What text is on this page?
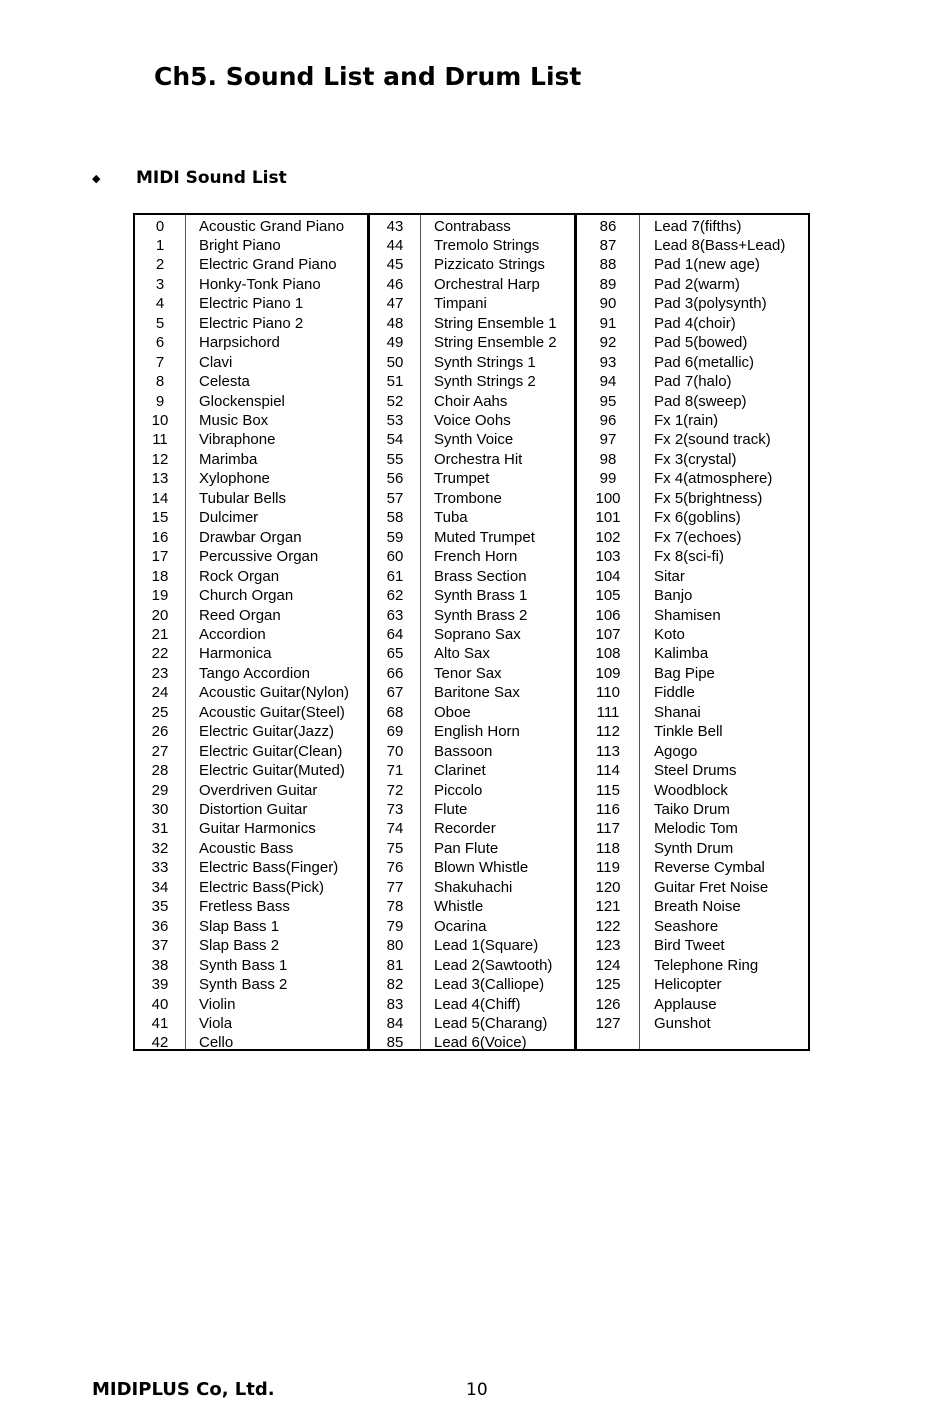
Ch5. Sound List and Drum List
◆ MIDI Sound List
0	Acoustic Grand Piano
1	Bright Piano
2	Electric Grand Piano
3	Honky-Tonk Piano
4	Electric Piano 1
5	Electric Piano 2
6	Harpsichord
7	Clavi
8	Celesta
9	Glockenspiel
10	Music Box
11	Vibraphone
12	Marimba
13	Xylophone
14	Tubular Bells
15	Dulcimer
16	Drawbar Organ
17	Percussive Organ
18	Rock Organ
19	Church Organ
20	Reed Organ
21	Accordion
22	Harmonica
23	Tango Accordion
24	Acoustic Guitar(Nylon)
25	Acoustic Guitar(Steel)
26	Electric Guitar(Jazz)
27	Electric Guitar(Clean)
28	Electric Guitar(Muted)
29	Overdriven Guitar
30	Distortion Guitar
31	Guitar Harmonics
32	Acoustic Bass
33	Electric Bass(Finger)
34	Electric Bass(Pick)
35	Fretless Bass
36	Slap Bass 1
37	Slap Bass 2
38	Synth Bass 1
39	Synth Bass 2
40	Violin
41	Viola
42	Cello
43	Contrabass
44	Tremolo Strings
45	Pizzicato Strings
46	Orchestral Harp
47	Timpani
48	String Ensemble 1
49	String Ensemble 2
50	Synth Strings 1
51	Synth Strings 2
52	Choir Aahs
53	Voice Oohs
54	Synth Voice
55	Orchestra Hit
56	Trumpet
57	Trombone
58	Tuba
59	Muted Trumpet
60	French Horn
61	Brass Section
62	Synth Brass 1
63	Synth Brass 2
64	Soprano Sax
65	Alto Sax
66	Tenor Sax
67	Baritone Sax
68	Oboe
69	English Horn
70	Bassoon
71	Clarinet
72	Piccolo
73	Flute
74	Recorder
75	Pan Flute
76	Blown Whistle
77	Shakuhachi
78	Whistle
79	Ocarina
80	Lead 1(Square)
81	Lead 2(Sawtooth)
82	Lead 3(Calliope)
83	Lead 4(Chiff)
84	Lead 5(Charang)
85	Lead 6(Voice)
86	Lead 7(fifths)
87	Lead 8(Bass+Lead)
88	Pad 1(new age)
89	Pad 2(warm)
90	Pad 3(polysynth)
91	Pad 4(choir)
92	Pad 5(bowed)
93	Pad 6(metallic)
94	Pad 7(halo)
95	Pad 8(sweep)
96	Fx 1(rain)
97	Fx 2(sound track)
98	Fx 3(crystal)
99	Fx 4(atmosphere)
100	Fx 5(brightness)
101	Fx 6(goblins)
102	Fx 7(echoes)
103	Fx 8(sci-fi)
104	Sitar
105	Banjo
106	Shamisen
107	Koto
108	Kalimba
109	Bag Pipe
110	Fiddle
111	Shanai
112	Tinkle Bell
113	Agogo
114	Steel Drums
115	Woodblock
116	Taiko Drum
117	Melodic Tom
118	Synth Drum
119	Reverse Cymbal
120	Guitar Fret Noise
121	Breath Noise
122	Seashore
123	Bird Tweet
124	Telephone Ring
125	Helicopter
126	Applause
127	Gunshot
MIDIPLUS Co, Ltd.	10
